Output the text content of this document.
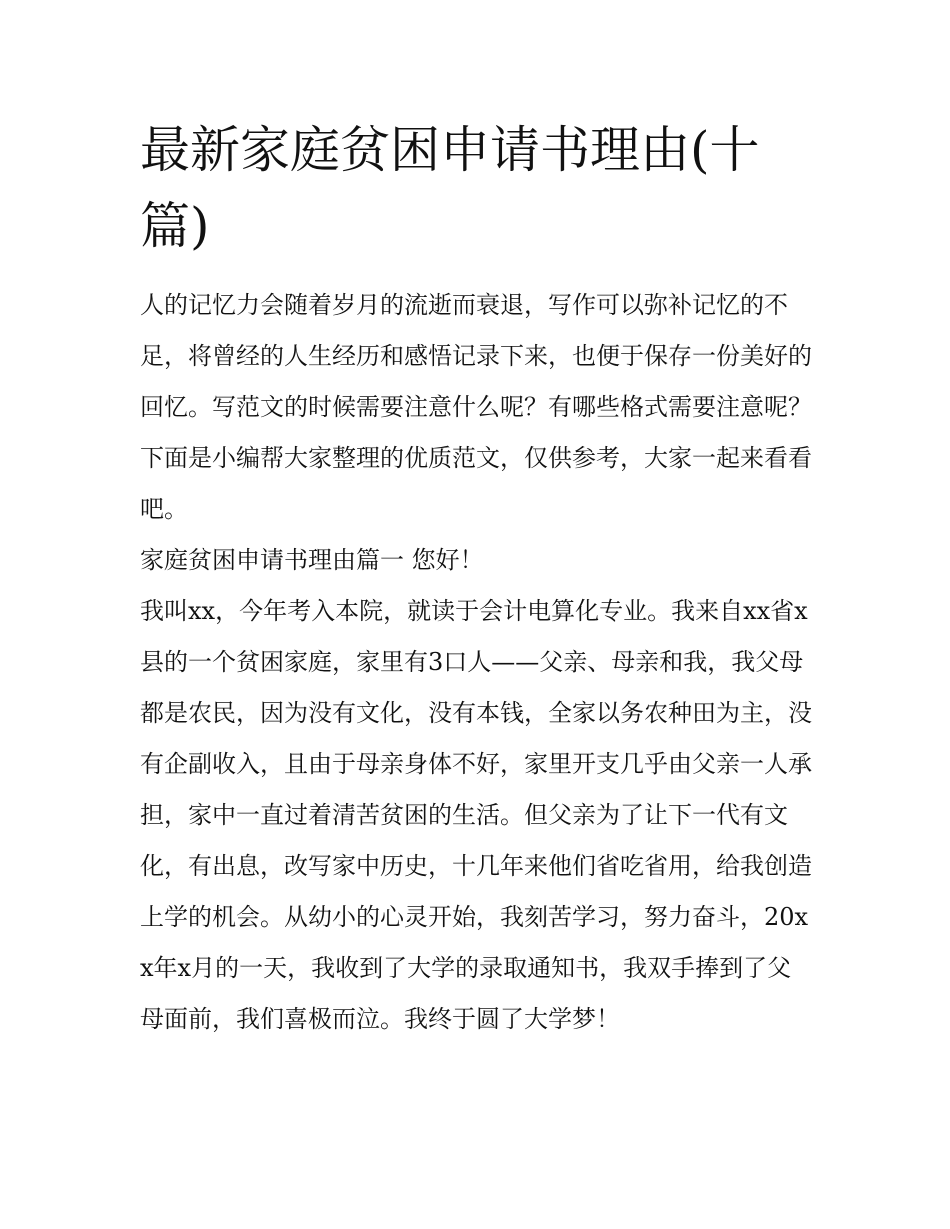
最新家庭贫困申请书理由(十篇)

人的记忆力会随着岁月的流逝而衰退，写作可以弥补记忆的不足，将曾经的人生经历和感悟记录下来，也便于保存一份美好的回忆。写范文的时候需要注意什么呢？有哪些格式需要注意呢？下面是小编帮大家整理的优质范文，仅供参考，大家一起来看看吧。

家庭贫困申请书理由篇一 您好！

我叫xx，今年考入本院，就读于会计电算化专业。我来自xx省x县的一个贫困家庭，家里有3口人——父亲、母亲和我，我父母都是农民，因为没有文化，没有本钱，全家以务农种田为主，没有企副收入，且由于母亲身体不好，家里开支几乎由父亲一人承担，家中一直过着清苦贫困的生活。但父亲为了让下一代有文化，有出息，改写家中历史，十几年来他们省吃省用，给我创造上学的机会。从幼小的心灵开始，我刻苦学习，努力奋斗，20xx年x月的一天，我收到了大学的录取通知书，我双手捧到了父母面前，我们喜极而泣。我终于圆了大学梦！
